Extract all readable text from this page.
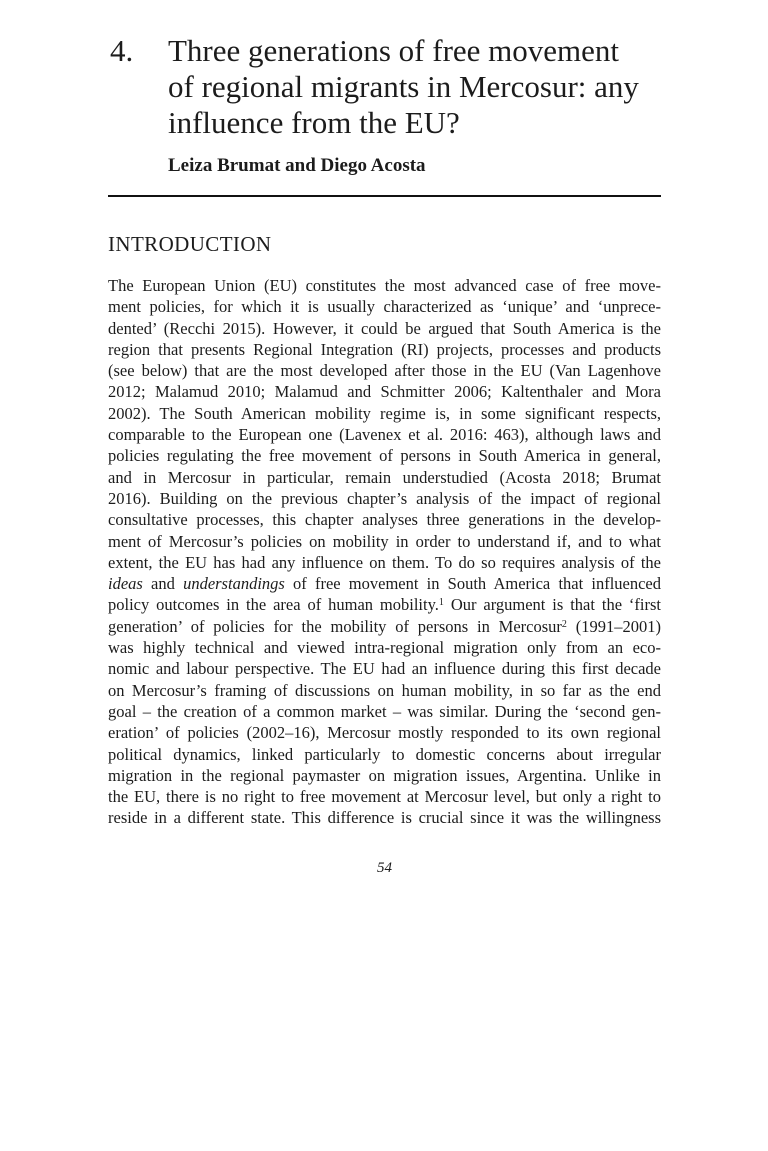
4. Three generations of free movement
of regional migrants in Mercosur: any
influence from the EU?
Leiza Brumat and Diego Acosta
INTRODUCTION
The European Union (EU) constitutes the most advanced case of free move-
ment policies, for which it is usually characterized as ‘unique’ and ‘unprece-
dented’ (Recchi 2015). However, it could be argued that South America is the
region that presents Regional Integration (RI) projects, processes and products
(see below) that are the most developed after those in the EU (Van Lagenhove
2012; Malamud 2010; Malamud and Schmitter 2006; Kaltenthaler and Mora
2002). The South American mobility regime is, in some significant respects,
comparable to the European one (Lavenex et al. 2016: 463), although laws and
policies regulating the free movement of persons in South America in general,
and in Mercosur in particular, remain understudied (Acosta 2018; Brumat
2016). Building on the previous chapter’s analysis of the impact of regional
consultative processes, this chapter analyses three generations in the develop-
ment of Mercosur’s policies on mobility in order to understand if, and to what
extent, the EU has had any influence on them. To do so requires analysis of the
ideas and understandings of free movement in South America that influenced
policy outcomes in the area of human mobility.$^1$ Our argument is that the ‘first
generation’ of policies for the mobility of persons in Mercosur$^2$ (1991–2001)
was highly technical and viewed intra-regional migration only from an eco-
nomic and labour perspective. The EU had an influence during this first decade
on Mercosur’s framing of discussions on human mobility, in so far as the end
goal – the creation of a common market – was similar. During the ‘second gen-
eration’ of policies (2002–16), Mercosur mostly responded to its own regional
political dynamics, linked particularly to domestic concerns about irregular
migration in the regional paymaster on migration issues, Argentina. Unlike in
the EU, there is no right to free movement at Mercosur level, but only a right to
reside in a different state. This difference is crucial since it was the willingness
54
